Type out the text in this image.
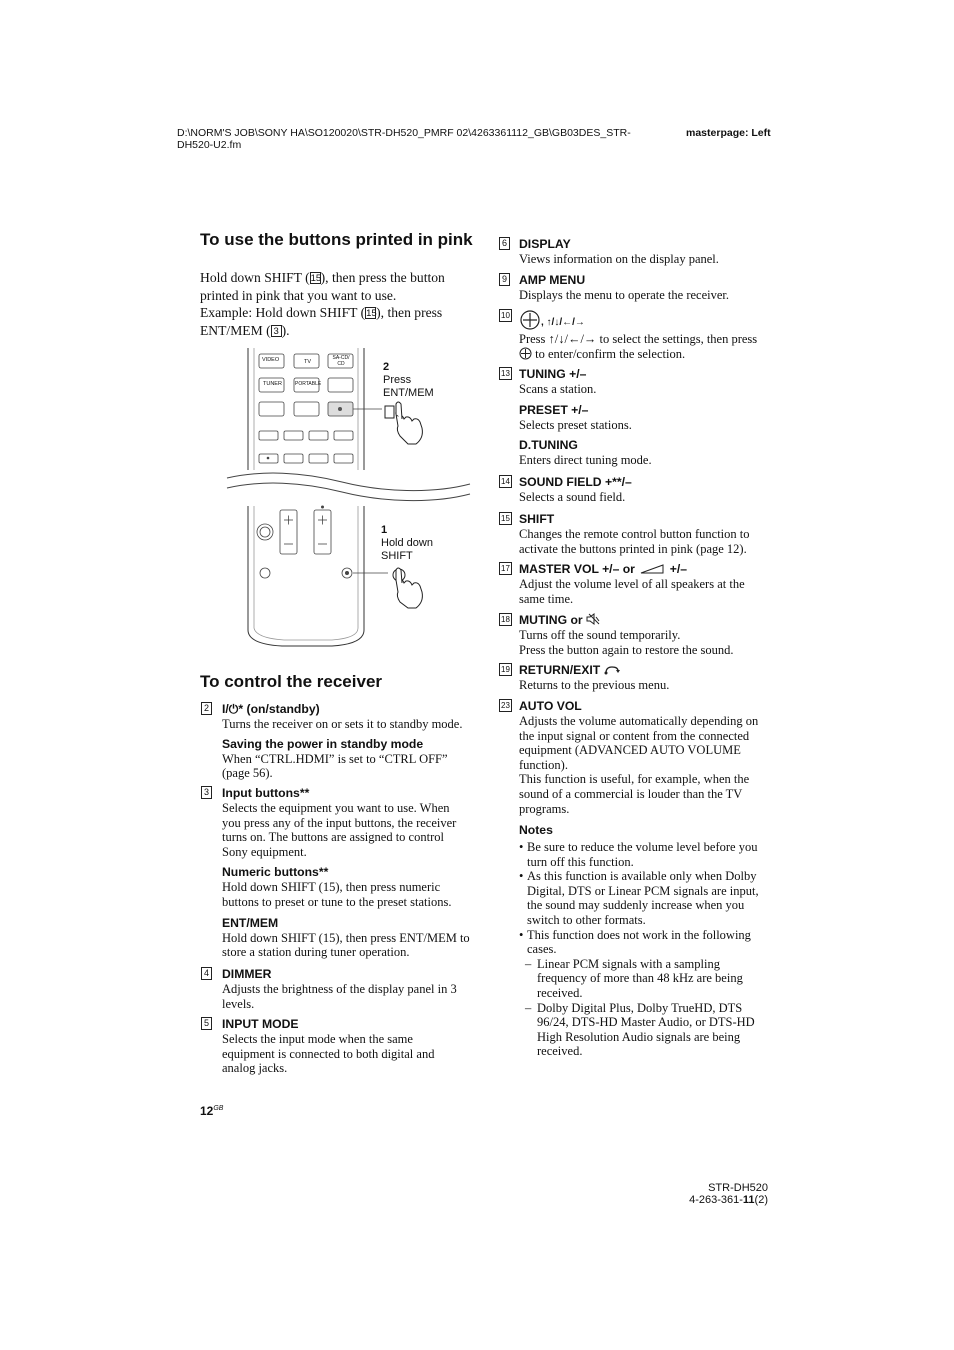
D:\NORM'S JOB\SONY HA\SO120020\STR-DH520_PMRF 02\4263361112_GB\GB03DES_STR-
DH520-U2.fm
masterpage: Left
To use the buttons printed in pink
Hold down SHIFT (15), then press the button printed in pink that you want to use.
Example: Hold down SHIFT (15), then press ENT/MEM ( 3 ).
VIDEO	TV
SA-CD/ CD
TUNER	PORTABLE
2
Press
ENT/MEM
1
Hold down
SHIFT
To control the receiver
2 I/⏻* (on/standby)
Turns the receiver on or sets it to standby mode.
Saving the power in standby mode
When “CTRL.HDMI” is set to “CTRL OFF” (page 56).
3 Input buttons**
Selects the equipment you want to use. When you press any of the input buttons, the receiver turns on. The buttons are assigned to control Sony equipment.
Numeric buttons**
Hold down SHIFT (15), then press numeric buttons to preset or tune to the preset stations.
ENT/MEM
Hold down SHIFT (15), then press ENT/MEM to store a station during tuner operation.
4 DIMMER
Adjusts the brightness of the display panel in 3 levels.
5 INPUT MODE
Selects the input mode when the same equipment is connected to both digital and analog jacks.
6 DISPLAY
Views information on the display panel.
9 AMP MENU
Displays the menu to operate the receiver.
10
, ↑/↓/←/→
Press ↑/↓/←/→ to select the settings, then press
to enter/confirm the selection.
13 TUNING +/–
Scans a station.
PRESET +/–
Selects preset stations.
D.TUNING
Enters direct tuning mode.
14 SOUND FIELD +**/–
Selects a sound field.
15 SHIFT
Changes the remote control button function to activate the buttons printed in pink (page 12).
17 MASTER VOL +/– or	+/–
Adjust the volume level of all speakers at the same time.
18 MUTING or
Turns off the sound temporarily.
Press the button again to restore the sound.
19 RETURN/EXIT
Returns to the previous menu.
23 AUTO VOL
Adjusts the volume automatically depending on the input signal or content from the connected equipment (ADVANCED AUTO VOLUME function).
This function is useful, for example, when the sound of a commercial is louder than the TV programs.
Notes
• Be sure to reduce the volume level before you turn off this function.
• As this function is available only when Dolby Digital, DTS or Linear PCM signals are input, the sound may suddenly increase when you switch to other formats.
• This function does not work in the following cases.
– Linear PCM signals with a sampling frequency of more than 48 kHz are being received.
– Dolby Digital Plus, Dolby TrueHD, DTS 96/24, DTS-HD Master Audio, or DTS-HD High Resolution Audio signals are being received.
$12^{GB}$
STR-DH520
4-263-361-11(2)
